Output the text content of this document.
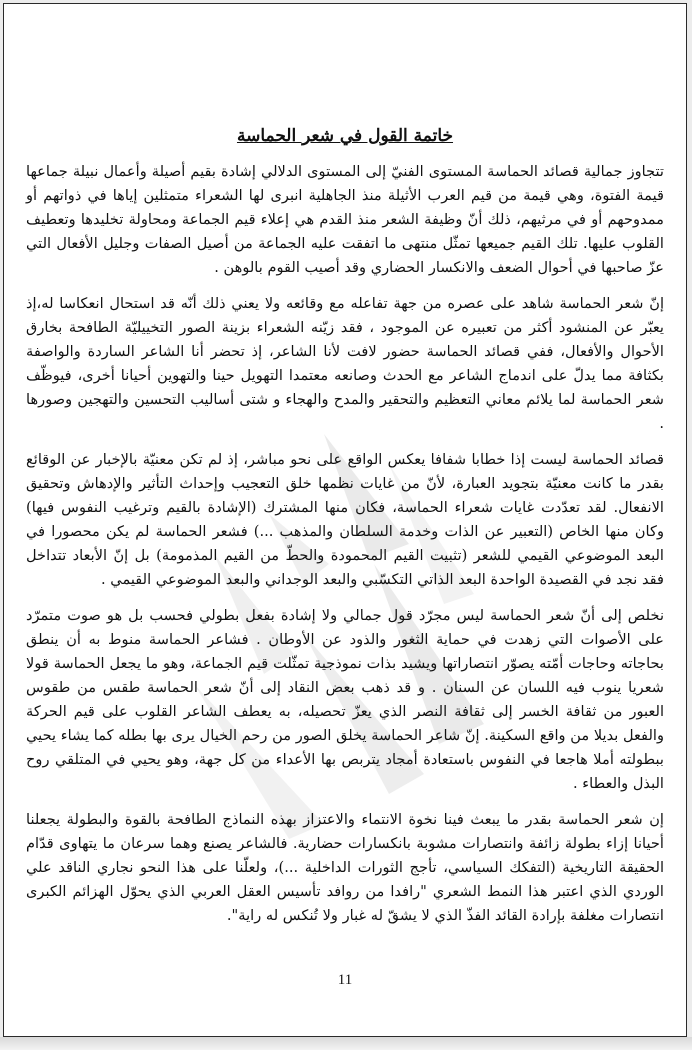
خاتمة القول في شعر الحماسة

تتجاوز جمالية قصائد الحماسة المستوى الفنيّ إلى المستوى الدلالي إشادة بقيم أصيلة وأعمال نبيلة جماعها قيمة الفتوة، وهي قيمة من قيم العرب الأثيلة منذ الجاهلية انبرى لها الشعراء متمثلين إياها في ذواتهم أو ممدوحهم أو في مرثيهم، ذلك أنّ وظيفة الشعر منذ القدم هي إعلاء قيم الجماعة ومحاولة تخليدها وتعطيف القلوب عليها. تلك القيم جميعها تمثّل منتهى ما اتفقت عليه الجماعة من أصيل الصفات وجليل الأفعال التي عزّ صاحبها في أحوال الضعف والانكسار الحضاري وقد أصيب القوم بالوهن .

إنّ شعر الحماسة شاهد على عصره من جهة تفاعله مع وقائعه ولا يعني ذلك أنّه قد استحال انعكاسا له،إذ يعبّر عن المنشود أكثر من تعبيره عن الموجود ، فقد زيّنه الشعراء بزينة الصور التخييليّة الطافحة بخارق الأحوال والأفعال، ففي قصائد الحماسة حضور لافت لأنا الشاعر، إذ تحضر أنا الشاعر الساردة والواصفة بكثافة مما يدلّ على اندماج الشاعر مع الحدث وصانعه معتمدا التهويل حينا والتهوين أحيانا أخرى، فيوظّف شعر الحماسة لما يلائم معاني التعظيم والتحقير والمدح والهجاء و شتى أساليب التحسين والتهجين وصورها .

قصائد الحماسة ليست إذا خطابا شفافا يعكس الواقع على نحو مباشر، إذ لم تكن معنيّة بالإخبار عن الوقائع بقدر ما كانت معنيّة بتجويد العبارة، لأنّ من غايات نظمها خلق التعجيب وإحداث التأثير والإدهاش وتحقيق الانفعال. لقد تعدّدت غايات شعراء الحماسة، فكان منها المشترك (الإشادة بالقيم وترغيب النفوس فيها) وكان منها الخاص (التعبير عن الذات وخدمة السلطان والمذهب ...) فشعر الحماسة لم يكن محصورا في البعد الموضوعي القيمي للشعر (تثبيت القيم المحمودة والحطّ من القيم المذمومة) بل إنّ الأبعاد تتداخل فقد نجد في القصيدة الواحدة البعد الذاتي التكسّبي والبعد الوجداني والبعد الموضوعي القيمي .

نخلص إلى أنّ شعر الحماسة ليس مجرّد قول جمالي ولا إشادة بفعل بطولي فحسب بل هو صوت متمرّد على الأصوات التي زهدت في حماية الثغور والذود عن الأوطان . فشاعر الحماسة منوط به أن ينطق بحاجاته وحاجات أمّته يصوّر انتصاراتها ويشيد بذات نموذجية تمثّلت قيم الجماعة، وهو ما يجعل الحماسة قولا شعريا ينوب فيه اللسان عن السنان . و قد ذهب بعض النقاد إلى أنّ شعر الحماسة طقس من طقوس العبور من ثقافة الخسر إلى ثقافة النصر الذي يعزّ تحصيله، به يعطف الشاعر القلوب على قيم الحركة والفعل بديلا من واقع السكينة. إنّ شاعر الحماسة يخلق الصور من رحم الخيال يرى بها بطله كما يشاء يحيي ببطولته أملا هاجعا في النفوس باستعادة أمجاد يتربص بها الأعداء من كل جهة، وهو يحيي في المتلقي روح البذل والعطاء .

إن شعر الحماسة بقدر ما يبعث فينا نخوة الانتماء والاعتزاز بهذه النماذج الطافحة بالقوة والبطولة يجعلنا أحيانا إزاء بطولة زائفة وانتصارات مشوبة بانكسارات حضارية. فالشاعر يصنع وهما سرعان ما يتهاوى قدّام الحقيقة التاريخية (التفكك السياسي، تأجج الثورات الداخلية ...)، ولعلّنا على هذا النحو نجاري الناقد علي الوردي الذي اعتبر هذا النمط الشعري "رافدا من روافد تأسيس العقل العربي الذي يحوّل الهزائم الكبرى انتصارات مغلفة بإرادة القائد الفذّ الذي لا يشقّ له غبار ولا تُنكس له راية".

11
